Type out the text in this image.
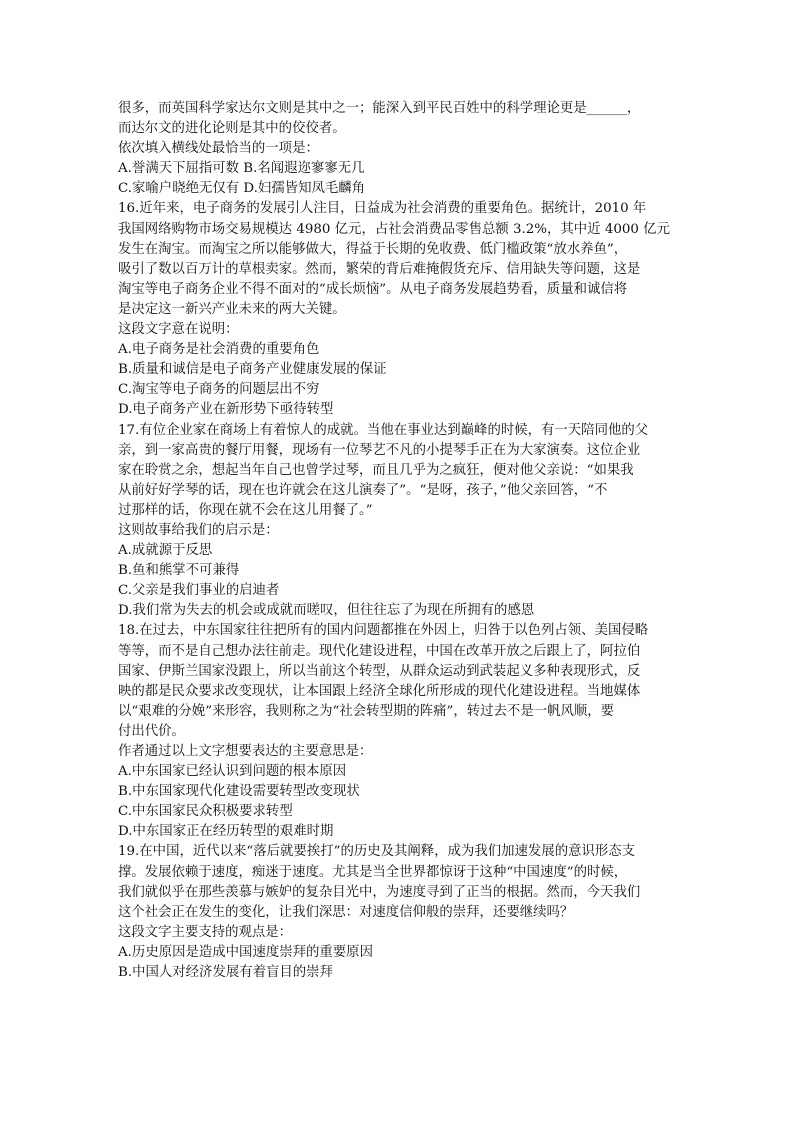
很多，而英国科学家达尔文则是其中之一；能深入到平民百姓中的科学理论更是______，
而达尔文的进化论则是其中的佼佼者。
依次填入横线处最恰当的一项是：
A.誉满天下屈指可数 B.名闻遐迩寥寥无几
C.家喻户晓绝无仅有 D.妇孺皆知凤毛麟角
16.近年来，电子商务的发展引人注目，日益成为社会消费的重要角色。据统计，2010 年
我国网络购物市场交易规模达 4980 亿元，占社会消费品零售总额 3.2%，其中近 4000 亿元
发生在淘宝。而淘宝之所以能够做大，得益于长期的免收费、低门槛政策“放水养鱼”，
吸引了数以百万计的草根卖家。然而，繁荣的背后难掩假货充斥、信用缺失等问题，这是
淘宝等电子商务企业不得不面对的“成长烦恼”。从电子商务发展趋势看，质量和诚信将
是决定这一新兴产业未来的两大关键。
这段文字意在说明：
A.电子商务是社会消费的重要角色
B.质量和诚信是电子商务产业健康发展的保证
C.淘宝等电子商务的问题层出不穷
D.电子商务产业在新形势下亟待转型
17.有位企业家在商场上有着惊人的成就。当他在事业达到巅峰的时候，有一天陪同他的父
亲，到一家高贵的餐厅用餐，现场有一位琴艺不凡的小提琴手正在为大家演奏。这位企业
家在聆赏之余，想起当年自己也曾学过琴，而且几乎为之疯狂，便对他父亲说：“如果我
从前好好学琴的话，现在也许就会在这儿演奏了”。“是呀，孩子，”他父亲回答，“不
过那样的话，你现在就不会在这儿用餐了。”
这则故事给我们的启示是：
A.成就源于反思
B.鱼和熊掌不可兼得
C.父亲是我们事业的启迪者
D.我们常为失去的机会或成就而嗟叹，但往往忘了为现在所拥有的感恩
18.在过去，中东国家往往把所有的国内问题都推在外因上，归咎于以色列占领、美国侵略
等等，而不是自己想办法往前走。现代化建设进程，中国在改革开放之后跟上了，阿拉伯
国家、伊斯兰国家没跟上，所以当前这个转型，从群众运动到武装起义多种表现形式，反
映的都是民众要求改变现状，让本国跟上经济全球化所形成的现代化建设进程。当地媒体
以“艰难的分娩”来形容，我则称之为“社会转型期的阵痛”，转过去不是一帆风顺，要
付出代价。
作者通过以上文字想要表达的主要意思是：
A.中东国家已经认识到问题的根本原因
B.中东国家现代化建设需要转型改变现状
C.中东国家民众积极要求转型
D.中东国家正在经历转型的艰难时期
19.在中国，近代以来“落后就要挨打”的历史及其阐释，成为我们加速发展的意识形态支
撑。发展依赖于速度，痴迷于速度。尤其是当全世界都惊讶于这种“中国速度”的时候，
我们就似乎在那些羡慕与嫉妒的复杂目光中，为速度寻到了正当的根据。然而，今天我们
这个社会正在发生的变化，让我们深思：对速度信仰般的崇拜，还要继续吗？
这段文字主要支持的观点是：
A.历史原因是造成中国速度崇拜的重要原因
B.中国人对经济发展有着盲目的崇拜
